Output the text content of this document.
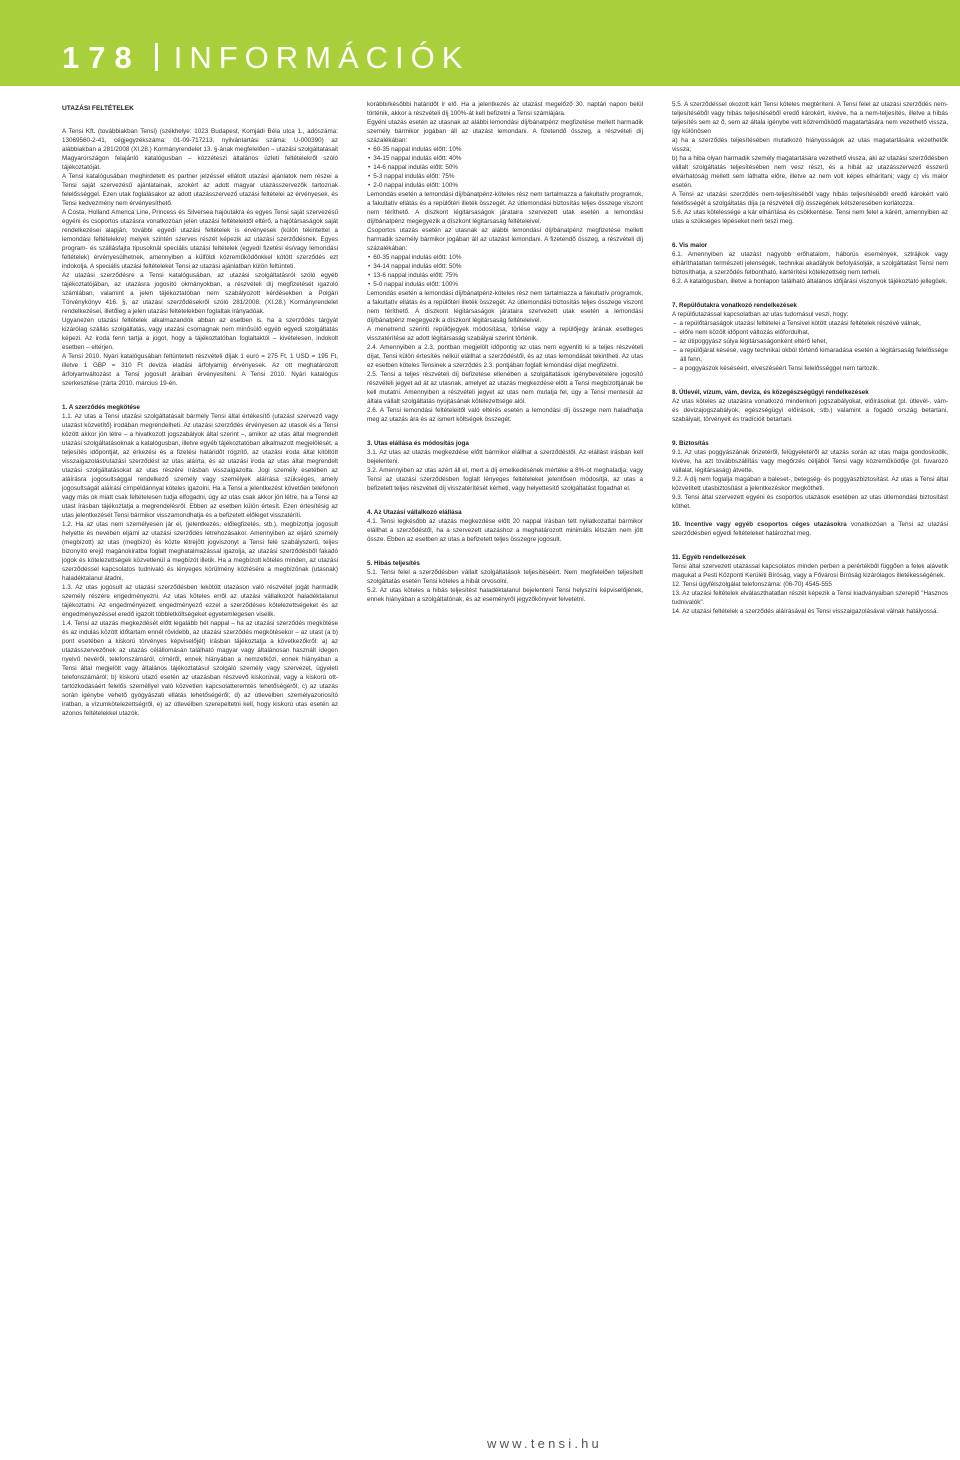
178 INFORMÁCIÓK

UTAZÁSI FELTÉTELEK

A Tensi Kft. (továbbiakban Tensi) (székhelye: 1023 Budapest, Komjádi Béla utca 1., adószáma: 13069560-2-41, cégjegyzékszáma: 01-09-717213, nyilvántartási száma: U-000390) az alábbiakban a 281/2008 (XI.28.) Kormányrendelet 13. §-ának megfelelően – utazási szolgáltatásait Magyarországon felajánló katalógusban – közzéteszi általános üzleti feltételekről szóló tájékoztatóját.

A Tensi katalógusában meghirdetett és partner jelzéssel ellátott utazási ajánlatok nem részei a Tensi saját szervezésű ajánlatainak, azokért az adott magyar utazásszervezők tartoznak felelősséggel. Ezen utak foglalásakor az adott utazásszervező utazási feltételei az érvényesek, és Tensi kedvezmény nem érvényesíthető.

A Costa, Holland America Line, Princess és Silversea hajóutakra és egyes Tensi saját szervezésű egyéni és csoportos utazásra vonatkozóan jelen utazási feltételektől eltérő, a hajótársaságok saját rendelkezései alapján, további egyedi utazási feltételek is érvényesek (külön tekintettel a lemondási feltételekre) melyek szintén szerves részét képezik az utazási szerződésnek. Egyes program- és szállásfajta típusoknál speciális utazási feltételek (egyedi fizetési és/vagy lemondási feltételek) érvényesülhetnek, amennyiben a külföldi közreműködőnkkel kötött szerződés ezt indokolja. A speciális utazási feltételeket Tensi az utazási ajánlatban külön feltünteti.

Az utazási szerződésre a Tensi katalógusában, az utazási szolgáltatásról szóló egyéb tájékoztatójában, az utazásra jogosító okmányokban, a részvételi díj megfizetését igazoló számlában, valamint a jelen tájékoztatóban nem szabályozott kérdésekben a Polgári Törvénykönyv 416. §, az utazási szerződésekről szóló 281/2008. (XI.28.) Kormányrendelet rendelkezései, illetőleg a jelen utazási feltételekben foglaltak irányadóak.

Ugyanezen utazási feltételek alkalmazandók abban az esetben is, ha a szerződés tárgyát kizárólag szállás szolgáltatás, vagy utazási csomagnak nem minősülő egyéb egyedi szolgáltatás képezi. Az iroda fenn tartja a jogot, hogy a tájékoztatóban foglaltaktól – kivételesen, indokolt esetben – eltérjen.

A Tensi 2010. Nyári katalógusában feltüntetett részvételi díjak 1 euró = 275 Ft, 1 USD = 195 Ft, illetve 1 GBP = 310 Ft deviza eladási árfolyamig érvényesek. Az ott meghatározott árfolyamváltozást a Tensi jogosult áraiban érvényesíteni. A Tensi 2010. Nyári katalógus szerkesztése (zárta 2010. március 19-én.

1. A szerződés megkötése

1.1. Az utas a Tensi utazási szolgáltatásait bármely Tensi által értékesítő (utazást szervező vagy utazást közvetítő) irodában megrendelheti. Az utazási szerződés érvényesen az utasok és a Tensi között akkor jön létre – a hivatkozott jogszabályok által szerint –, amikor az utas által megrendelt utazási szolgáltatásoknak a katalógusban, illetve egyéb tájékoztatóban alkalmazott megjelölését, a teljesítés időpontját, az érkezési és a fizetési határidőt rögzítő, az utazási iroda által kitöltött visszaigazolást/utazási szerződést az utas aláírta, és az utazási iroda az utas által megrendelt utazási szolgáltatásokat az utas részére írásban visszaigazolta. Jogi személy esetében az aláírásra jogosultsággal rendelkező személy vagy személyek aláírása szükséges, amely jogosultságát aláírási címpéldánnyal köteles igazolni. Ha a Tensi a jelentkezést követően telefonon vagy más ok miatt csak feltételesen tudja elfogadni, úgy az utas csak akkor jön létre, ha a Tensi az utast írásban tájékoztatja a megrendelésről. Ebben az esetben külön értesít. Ezen értesítésig az utas jelentkezését Tensi bármikor visszamondhatja és a befizetett előleget visszatéríti.

1.2. Ha az utas nem személyesen jár el, (jelentkezés, előlegfizetés, stb.), megbízottja jogosult helyette és nevében eljárni az utazási szerződés létrehozásakor. Amennyiben az eljáró személy (megbízott) az utas (megbízó) és közte létrejött jogviszonyt a Tensi felé szabályszerű, teljes bizonyító erejű magánokiratba foglalt meghatalmazással igazolja, az utazási szerződésből fakadó jogok és kötelezettségek közvetlenül a megbízót illetik. Ha a megbízott köteles minden, az utazási szerződéssel kapcsolatos tudnivaló és lényeges körülmény közlésére a megbízónak (utasnak) haladéktalanul átadni.

1.3. Az utas jogosult az utazási szerződésben lekötött utazáson való részvétel jogát harmadik személy részére engedményezni. Az utas köteles erről az utazási vállalkozót haladéktalanul tájékoztatni. Az engedményezett engedményező ezzel a szerződéses kötelezettségeket és az engedményezéssel eredő igazolt többletköltségeket egyetemlegesen viselik.

1.4. Tensi az utazás megkezdését előtt legalább hét nappal – ha az utazási szerződés megkötése és az indulás között időtartam ennél rövidebb, az utazási szerződés megkötésekor – az utast (a b) pont esetében a kiskorú törvényes képviselőjét) írásban tájékoztatja a következőkről: a) az utazásszervezőnek az utazás célállomásán található magyar vagy általánosan használt idegen nyelvű nevéről, telefonszámáról, címéről, ennek hiányában a nemzetközi, ennek hiányában a Tensi által megjelölt vagy általános tájékoztatásul szolgáló személy vagy szervezet, ügyeleti telefonszámáról; b) kiskorú utazó esetén az utazásban részvevő kiskorúval, vagy a kiskorú ott-tartózkodásáért felelős személlyel való közvetlen kapcsolatteremtés lehetőségéről; c) az utazás során igénybe vehető gyógyászati ellátás lehetőségéről; d) az útlevelben személyazonosító iratban, a vízumkötelezettségről, e) az útlevélben szerepeltetni kell, hogy kiskorú utas esetén az azonos feltételekkel utazók.

korábbi/későbbi határidőt ír elő. Ha a jelentkezés az utazást megelőző 30. naptári napon belül történik, akkor a részvételi díj 100%-át kell befizetni a Tensi számlájára.

Egyéni utazás esetén az utasnak az alábbi lemondási díj/bánatpénz megfizetése mellett harmadik személy bármikor jogában áll az utazást lemondani. A fizetendő összeg, a részvételi díj százalékában:

• 60-35 nappal indulás előtt: 10%
• 34-15 nappal indulás előtt: 40%
• 14-6 nappal indulás előtt: 50%
• 5-3 nappal indulás előtt: 75%
• 2-0 nappal indulás előtt: 100%

Lemondás esetén a lemondási díj/bánatpénz-köteles rész nem tartalmazza a fakultatív programok, a fakultatív ellátás és a repülőtéri illeték összegét. Az útlemondási biztosítás teljes összege viszont nem téríthető. A díszkont légitársaságok járataira szervezett utak esetén a lemondási díj/bánatpénz megegyezik a díszkont légitársaság feltételeivel.

Csoportos utazás esetén az utasnak az alábbi lemondási díj/bánatpénz megfizetése mellett harmadik személy bármikor jogában áll az utazást lemondani. A fizetendő összeg, a részvételi díj százalékában:

• 60-35 nappal indulás előtt: 10%
• 34-14 nappal indulás előtt: 50%
• 13-6 nappal indulás előtt: 75%
• 5-0 nappal indulás előtt: 100%

Lemondás esetén a lemondási díj/bánatpénz-köteles rész nem tartalmazza a fakultatív programok, a fakultatív ellátás és a repülőtéri illeték összegét. Az útlemondási biztosítás teljes összege viszont nem téríthető. A díszkont légitársaságok járataira szervezett utak esetén a lemondási díj/bánatpénz megegyezik a díszkont légitársaság feltételeivel.

A menetrend szerinti repülőjegyek módosítása, törlése vagy a repülőjegy árának esetleges visszatérítése az adott légitársaság szabályai szerint történik.

2.4. Amennyiben a 2.3. pontban megjelölt időpontig az utas nem egyenlíti ki a teljes részvételi díjat, Tensi külön értesítés nélkül elállhat a szerződéstől, és az utas lemondását tekintheti. Az utas ez esetben köteles Tensinek a szerződés 2.3. pontjában foglalt lemondási díjat megfizetni.

2.5. Tensi a teljes részvételi díj befizetése ellenében a szolgáltatások igénybevételére jogosító részvételi jegyet ad át az utasnak, amelyet az utazás megkezdése előtt a Tensi megbízottjának be kell mutatni. Amennyiben a részvételi jegyet az utas nem mutatja fel, úgy a Tensi mentesül az általa vállalt szolgáltatás nyújtásának kötelezettsége alól.

2.6. A Tensi lemondási feltételeitől való eltérés esetén a lemondási díj összege nem haladhatja meg az utazás ára és az ismert költségek összegét.

3. Utas elállása és módosítás joga

3.1. Az utas az utazás megkezdése előtt bármikor elállhat a szerződéstől. Az elállást írásban kell bejelenteni.

3.2. Amennyiben az utas azért áll el, mert a díj emelkedésének mértéke a 8%-ot meghaladja, vagy Tensi az utazási szerződésben foglalt lényeges feltételeket jelentősen módosítja, az utas a befizetett teljes részvételi díj visszatérítését kérheti, vagy helyettesítő szolgáltatást fogadhat el.

4. Az Utazási vállalkozó elállása

4.1. Tensi legkésőbb az utazás megkezdése előtt 20 nappal írásban tett nyilatkozattal bármikor elállhat a szerződéstől, ha a szervezett utazáshoz a meghatározott minimális létszám nem jött össze. Ebben az esetben az utas a befizetett teljes összegre jogosult.

5. Hibás teljesítés

5.1. Tensi felel a szerződésben vállalt szolgáltatások teljesítéséért. Nem megfelelően teljesített szolgáltatás esetén Tensi köteles a hibát orvosolni.

5.2. Az utas köteles a hibás teljesítést haladéktalanul bejelenteni Tensi helyszíni képviselőjének, ennek hiányában a szolgáltatónak, és az eseményről jegyzőkönyvet felvetetni.

5.5. A szerződéssel okozott kárt Tensi köteles megtéríteni. A Tensi felel az utazási szerződés nem-teljesítéséből vagy hibás teljesítéséből eredő károkért, kivéve, ha a nem-teljesítés, illetve a hibás teljesítés sem az ő, sem az általa igénybe vett közreműködő magatartására nem vezethető vissza, így különösen

a) ha a szerződés teljesítésében mutatkozó hiányosságok az utas magatartására vezethetők vissza;

b) ha a hiba olyan harmadik személy magatartására vezethető vissza, aki az utazási szerződésben vállalt szolgáltatás teljesítésében nem vesz részt, és a hibát az utazásszervező ésszerű elvárhatóság mellett sem láthatta előre, illetve az nem volt képes elhárítani; vagy c) vis maior esetén.

A Tensi az utazási szerződés nem-teljesítéséből vagy hibás teljesítéséből eredő károkért való felelősségét a szolgáltatás díja (a részvételi díj) összegének kétszeresében korlátozza.

5.6. Az utas kötelessége a kár elhárítása és csökkentése. Tensi nem felel a kárért, amennyiben az utas a szükséges lépéseket nem teszi meg.

6. Vis maior

6.1. Amennyiben az utazást nagyobb erőhatalom, háborús események, sztrájkok vagy elháríthatatlan természeti jelenségek, technikai akadályok befolyásolják, a szolgáltatást Tensi nem biztosíthatja, a szerződés felbontható, kártérítési kötelezettség nem terheli.

6.2. A katalógusban, illetve a honlapon található általános időjárási viszonyok tájékoztató jellegűek.

7. Repülőutakra vonatkozó rendelkezések

A repülőutazással kapcsolatban az utas tudomásul veszi, hogy:

– a repülőtársaságok utazási feltételei a Tensivel kötött utazási feltételek részévé válnak,
– előre nem közölt időpont változás előfordulhat,
– az útipoggyász súlya légitársaságonként eltérő lehet,
– a repülőjárat késése, vagy technikai okból történő kimaradása esetén a légitársaság felelőssége áll fenn,
– a poggyászok késéséért, elveszéséért Tensi felelősséggel nem tartozik.

8. Útlevél, vízum, vám, deviza, és közegészségügyi rendelkezések

Az utas köteles az utazásra vonatkozó mindenkori jogszabályokat, előírásokat (pl. útlevél-, vám- és devizajogszabályok, egészségügyi előírások, stb.) valamint a fogadó ország betartani, szabályait, törvényeit és tradícióit betartani.

9. Biztosítás

9.1. Az utas poggyászának őrizetéről, felügyeletéről az utazás során az utas maga gondoskodik, kivéve, ha azt továbbszállítás vagy megőrzés céljából Tensi vagy közreműködője (pl. fuvarozó vállalat, légitársaság) átvette.

9.2. A díj nem foglalja magában a baleset-, betegség- és poggyászbiztosítást. Az utas a Tensi által közvetített utasbiztosítást a jelentkezéskor megkötheti.

9.3. Tensi által szervezett egyéni és csoportos utazások esetében az utas útlemondási biztosítást köthet.

10. Incentive vagy egyéb csoportos céges utazásokra vonatkozóan a Tensi az utazási szerződésben egyedi feltételeket határozhat meg.

11. Egyéb rendelkezések

Tensi által szervezett utazással kapcsolatos minden perben a perértékből függően a felek alávetik magukat a Pesti Központi Kerületi Bíróság, vagy a Fővárosi Bíróság kizárólagos illetékességének.

12. Tensi ügyfélszolgálat telefonszáma: (06-70) 4545-555

13. Az utazási feltételek elválaszthatatlan részét képezik a Tensi kiadványaiban szereplő "Hasznos tudnivalók".

14. Az utazási feltételek a szerződés aláírásával és Tensi visszaigazolásával válnak hatályossá.

www.tensi.hu
